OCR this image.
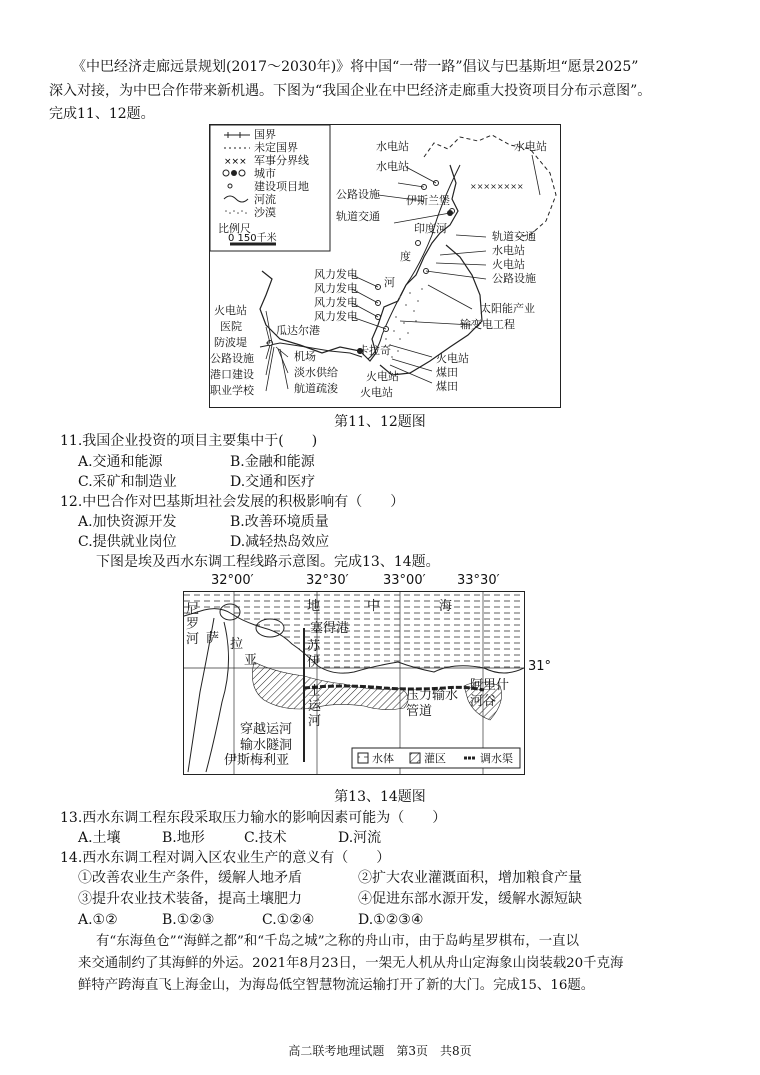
《中巴经济走廊远景规划(2017～2030年)》将中国“一带一路”倡议与巴基斯坦“愿景2025”
深入对接，为中巴合作带来新机遇。下图为“我国企业在中巴经济走廊重大投资项目分布示意图”。
完成11、12题。
×××
××××××××
国界
未定国界
军事分界线
城市
建设项目地
河流
沙漠
比例尺
0 150千米
水电站
水电站
水电站
公路设施 伊斯兰堡
轨道交通
印度河
轨道交通
度	水电站
火电站
公路设施
风力发电
风力发电
风力发电
风力发电
河
太阳能产业
输变电工程
火电站
医院
防波堤
公路设施
港口建设
职业学校
瓜达尔港
机场
淡水供给
航道疏浚
卡拉奇
火电站
火电站
火电站
煤田
煤田
第11、12题图
11.我国企业投资的项目主要集中于(　　)
A.交通和能源	B.金融和能源
C.采矿和制造业	D.交通和医疗
12.中巴合作对巴基斯坦社会发展的积极影响有（　　）
A.加快资源开发	B.改善环境质量
C.提供就业岗位	D.减轻热岛效应
下图是埃及西水东调工程线路示意图。完成13、14题。
32°00′	32°30′	33°00′ 33°30′
31°
地	中	海
塞得港
尼罗河 萨 拉
亚
苏
伊
士运河
穿越运河输水隧洞
压力输水管道
阿里什河谷
伊斯梅利亚	水体	灌区	调水渠
第13、14题图
13.西水东调工程东段采取压力输水的影响因素可能为（　　）
A.土壤	B.地形	C.技术	D.河流
14.西水东调工程对调入区农业生产的意义有（　　）
①改善农业生产条件，缓解人地矛盾	②扩大农业灌溉面积，增加粮食产量
③提升农业技术装备，提高土壤肥力	④促进东部水源开发，缓解水源短缺
A.①②	B.①②③	C.①②④	D.①②③④
有“东海鱼仓”“海鲜之都”和“千岛之城”之称的舟山市，由于岛屿星罗棋布，一直以
来交通制约了其海鲜的外运。2021年8月23日，一架无人机从舟山定海象山岗装载20千克海
鲜特产跨海直飞上海金山，为海岛低空智慧物流运输打开了新的大门。完成15、16题。
高二联考地理试题　第3页　共8页
